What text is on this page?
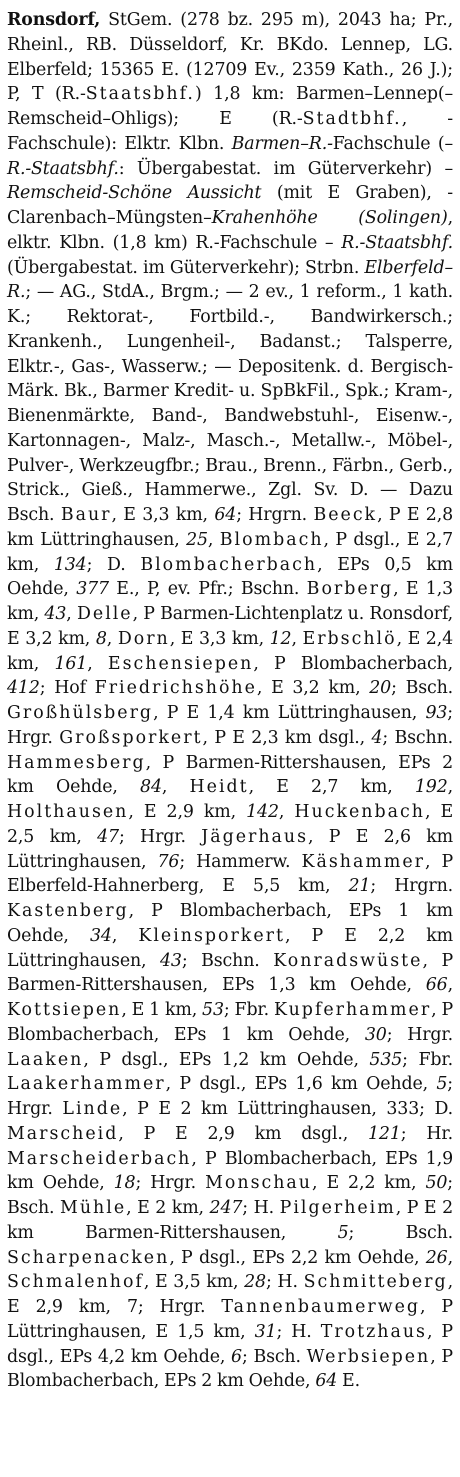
Ronsdorf, StGem. (278 bz. 295 m), 2043 ha; Pr., Rheinl., RB. Düsseldorf, Kr. BKdo. Lennep, LG. Elberfeld; 15365 E. (12709 Ev., 2359 Kath., 26 J.); P, T (R.-Staatsbhf.) 1,8 km: Barmen–Lennep(–Remscheid–Ohligs); E (R.-Stadtbhf., -Fachschule): Elktr. Klbn. Barmen–R.-Fachschule (–R.-Staatsbhf.: Übergabestat. im Güterverkehr) – Remscheid-Schöne Aussicht (mit E Graben), -Clarenbach–Müngsten–Krahenhöhe (Solingen), elktr. Klbn. (1,8 km) R.-Fachschule – R.-Staatsbhf. (Übergabestat. im Güterverkehr); Strbn. Elberfeld–R.; — AG., StdA., Brgm.; — 2 ev., 1 reform., 1 kath. K.; Rektorat-, Fortbild.-, Bandwirkersch.; Krankenh., Lungenheil-, Badanst.; Talsperre, Elktr.-, Gas-, Wasserw.; — Depositenk. d. Bergisch-Märk. Bk., Barmer Kredit- u. SpBkFil., Spk.; Kram-, Bienenmärkte, Band-, Bandwebstuhl-, Eisenw.-, Kartonnagen-, Malz-, Masch.-, Metallw.-, Möbel-, Pulver-, Werkzeugfbr.; Brau., Brenn., Färbn., Gerb., Strick., Gieß., Hammerwe., Zgl. Sv. D. — Dazu Bsch. Baur, E 3,3 km, 64; Hrgrn. Beeck, P E 2,8 km Lüttringhausen, 25, Blombach, P dsgl., E 2,7 km, 134; D. Blombacherbach, EPs 0,5 km Oehde, 377 E., P, ev. Pfr.; Bschn. Borberg, E 1,3 km, 43, Delle, P Barmen-Lichtenplatz u. Ronsdorf, E 3,2 km, 8, Dorn, E 3,3 km, 12, Erbschlö, E 2,4 km, 161, Eschensiepen, P Blombacherbach, 412; Hof Friedrichshöhe, E 3,2 km, 20; Bsch. Großhülsberg, P E 1,4 km Lüttringhausen, 93; Hrgr. Großsporkert, P E 2,3 km dsgl., 4; Bschn. Hammesberg, P Barmen-Rittershausen, EPs 2 km Oehde, 84, Heidt, E 2,7 km, 192, Holthausen, E 2,9 km, 142, Huckenbach, E 2,5 km, 47; Hrgr. Jägerhaus, P E 2,6 km Lüttringhausen, 76; Hammerw. Käshammer, P Elberfeld-Hahnerberg, E 5,5 km, 21; Hrgrn. Kastenberg, P Blombacherbach, EPs 1 km Oehde, 34, Kleinsporkert, P E 2,2 km Lüttringhausen, 43; Bschn. Konradswüste, P Barmen-Rittershausen, EPs 1,3 km Oehde, 66, Kottsiepen, E 1 km, 53; Fbr. Kupferhammer, P Blombacherbach, EPs 1 km Oehde, 30; Hrgr. Laaken, P dsgl., EPs 1,2 km Oehde, 535; Fbr. Laakerhammer, P dsgl., EPs 1,6 km Oehde, 5; Hrgr. Linde, P E 2 km Lüttringhausen, 333; D. Marscheid, P E 2,9 km dsgl., 121; Hr. Marscheiderbach, P Blombacherbach, EPs 1,9 km Oehde, 18; Hrgr. Monschau, E 2,2 km, 50; Bsch. Mühle, E 2 km, 247; H. Pilgerheim, P E 2 km Barmen-Rittershausen, 5; Bsch. Scharpenacken, P dsgl., EPs 2,2 km Oehde, 26, Schmalenhof, E 3,5 km, 28; H. Schmitteberg, E 2,9 km, 7; Hrgr. Tannenbaumerweg, P Lüttringhausen, E 1,5 km, 31; H. Trotzhaus, P dsgl., EPs 4,2 km Oehde, 6; Bsch. Werbsiepen, P Blombacherbach, EPs 2 km Oehde, 64 E.
